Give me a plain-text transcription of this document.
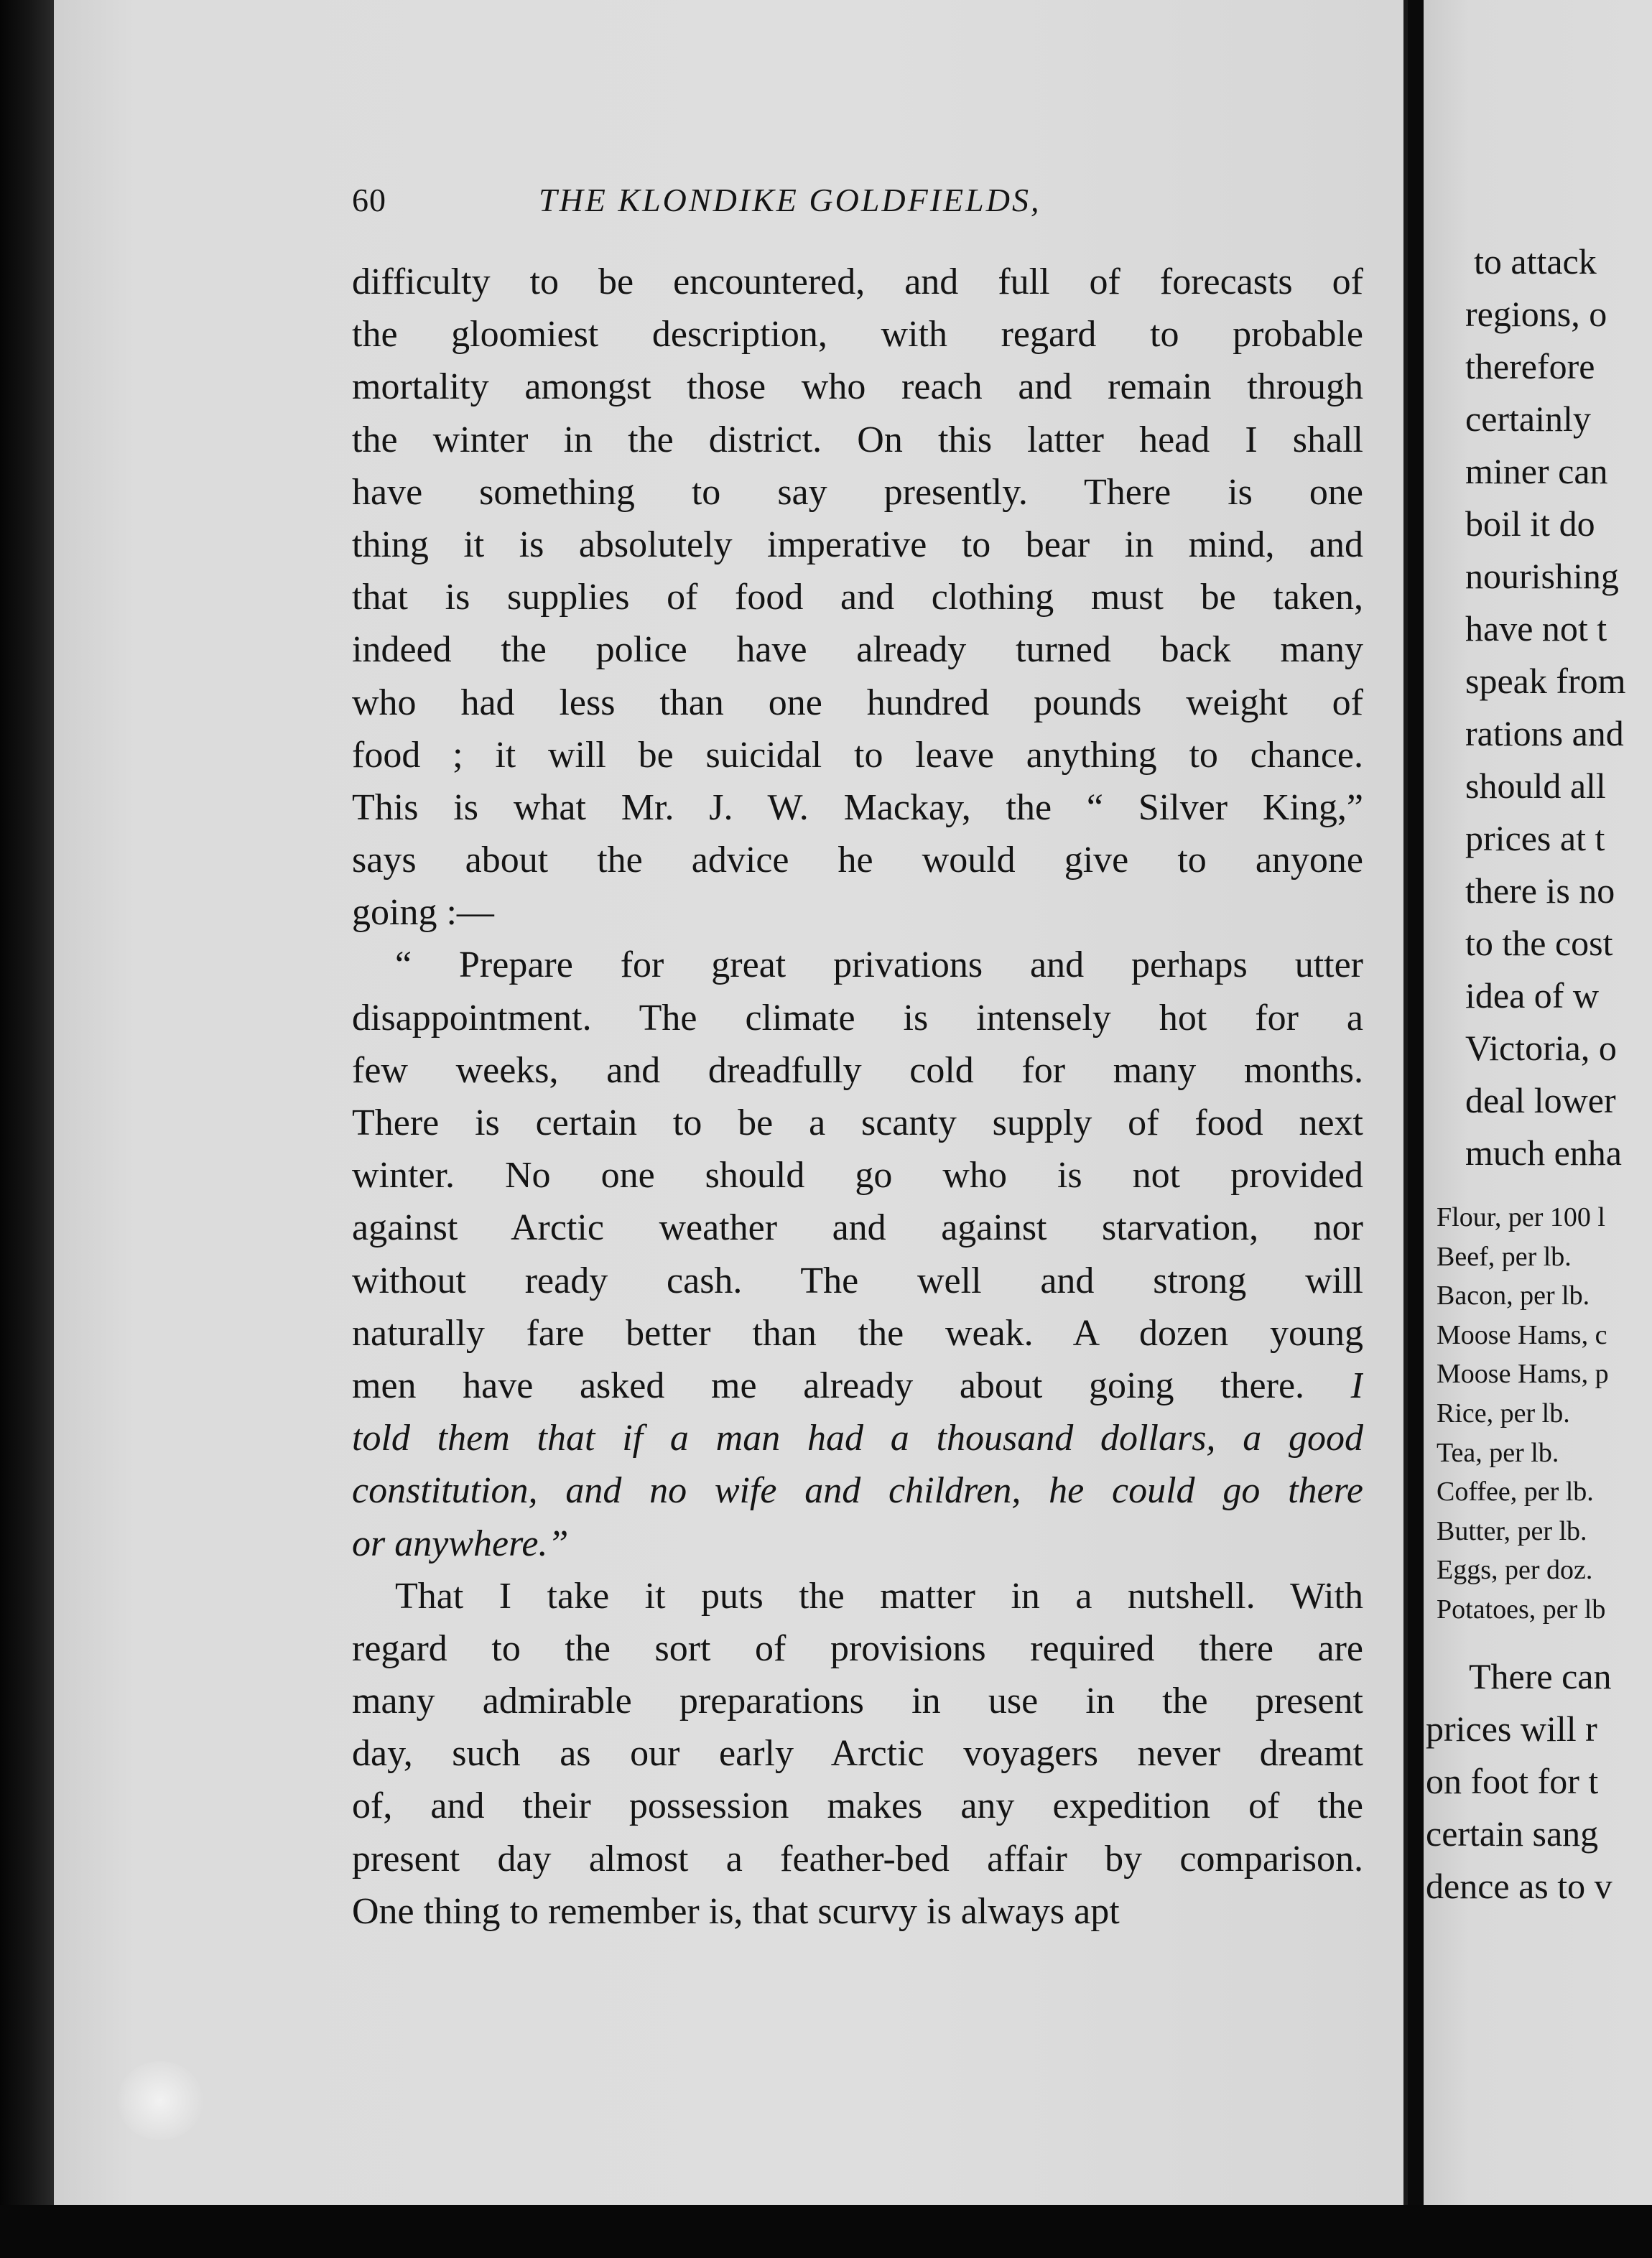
60	THE KLONDIKE GOLDFIELDS,
difficulty to be encountered, and full of forecasts of
the gloomiest description, with regard to probable
mortality amongst those who reach and remain through
the winter in the district. On this latter head I shall
have something to say presently. There is one
thing it is absolutely imperative to bear in mind, and
that is supplies of food and clothing must be taken,
indeed the police have already turned back many
who had less than one hundred pounds weight of
food ; it will be suicidal to leave anything to chance.
This is what Mr. J. W. Mackay, the “ Silver King,”
says about the advice he would give to anyone
going :—
“ Prepare for great privations and perhaps utter
disappointment. The climate is intensely hot for a
few weeks, and dreadfully cold for many months.
There is certain to be a scanty supply of food next
winter. No one should go who is not provided
against Arctic weather and against starvation, nor
without ready cash. The well and strong will
naturally fare better than the weak. A dozen young
men have asked me already about going there. I
told them that if a man had a thousand dollars, a good
constitution, and no wife and children, he could go there
or anywhere.”
That I take it puts the matter in a nutshell. With
regard to the sort of provisions required there are
many admirable preparations in use in the present
day, such as our early Arctic voyagers never dreamt
of, and their possession makes any expedition of the
present day almost a feather-bed affair by comparison.
One thing to remember is, that scurvy is always apt
to attack
regions, o
therefore
certainly
miner can
boil it do
nourishing
have not t
speak from
rations and
should all
prices at t
there is no
to the cost
idea of w
Victoria, o
deal lower
much enha
Flour, per 100 l
Beef, per lb.
Bacon, per lb.
Moose Hams, c
Moose Hams, p
Rice, per lb.
Tea, per lb.
Coffee, per lb.
Butter, per lb.
Eggs, per doz.
Potatoes, per lb
There can
prices will r
on foot for t
certain sang
dence as to v
